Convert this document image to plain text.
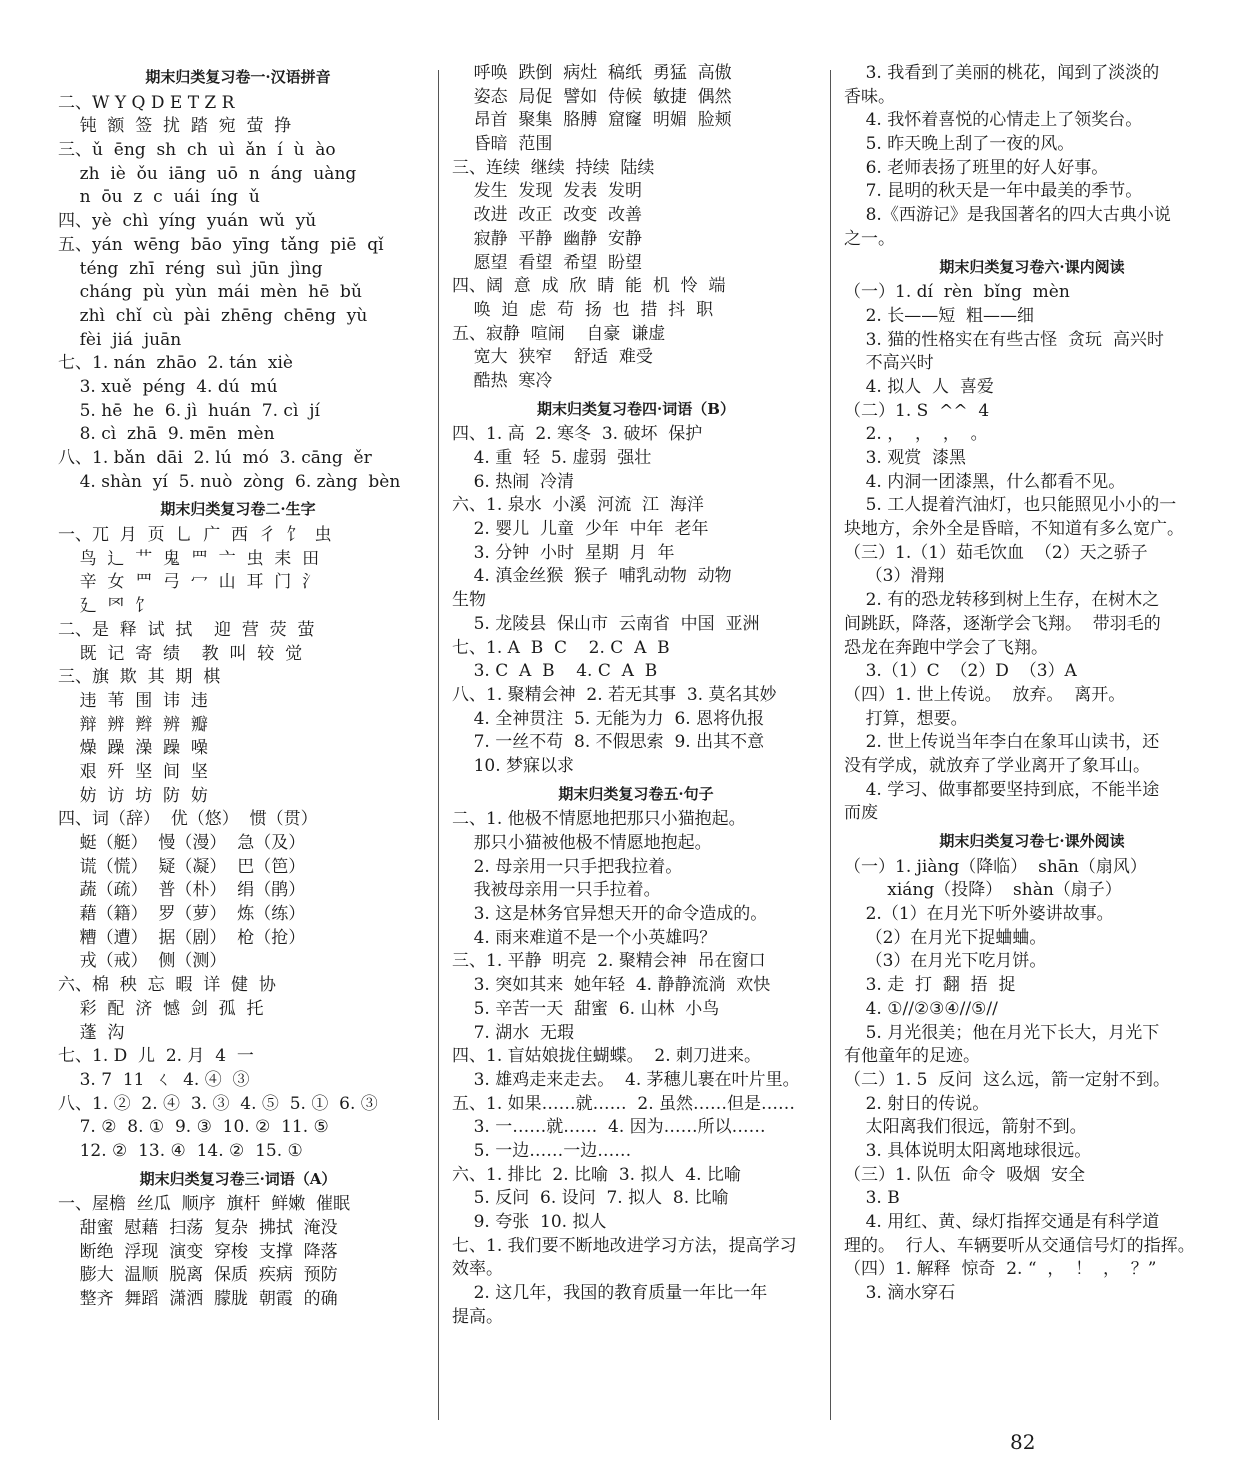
期末归类复习卷一·汉语拼音
二、W Y Q D E T Z R
钝  额  签  扰  踏  宛  萤  挣
三、ǔ  ēng  sh  ch  uì  ǎn  í  ù  ào
zh  iè  ǒu  iāng  uō  n  áng  uàng
n  ōu  z  c  uái  íng  ǔ
四、yè  chì  yíng  yuán  wǔ  yǔ
五、yán  wēng  bāo  yīng  tǎng  piē  qǐ
téng  zhī  réng  suì  jūn  jìng
cháng  pù  yùn  mái  mèn  hē  bǔ
zhì  chǐ  cù  pài  zhēng  chēng  yù
fèi  jiá  juān
七、1. nán  zhāo  2. tán  xiè
3. xuě  péng  4. dú  mú
5. hē  he  6. jì  huán  7. cì  jí
8. cì  zhā  9. mēn  mèn
八、1. bǎn  dāi  2. lú  mó  3. cāng  ěr
4. shàn  yí  5. nuò  zòng  6. zàng  bèn
期末归类复习卷二·生字
一、兀  月  页  乚  广  西  彳  饣  虫
鸟  辶  艹  鬼  罒  亠  虫  耒  田
辛  女  罒  弓  冖  山  耳  门  氵
廴  罓  饣
二、是  释  试  拭    迎  营  荧  萤
既  记  寄  绩    教  叫  较  觉
三、旗  欺  其  期  棋
违  苇  围  讳  违
辩  辨  辫  辨  瓣
燥  躁  澡  躁  噪
艰  歼  坚  间  坚
妨  访  坊  防  妨
四、词（辞）  优（悠）  惯（贯）
蜓（艇）  慢（漫）  急（及）
谎（慌）  疑（凝）  巴（笆）
蔬（疏）  普（朴）  绢（鹃）
藉（籍）  罗（萝）  炼（练）
糟（遭）  据（剧）  枪（抢）
戎（戒）  侧（测）
六、棉  秧  忘  暇  详  健  协
彩  配  济  憾  剑  孤  托
蓬  沟
七、1. D  儿  2. 月  4  一
3. 7  11  ㄑ  4. ④  ③
八、1. ②  2. ④  3. ③  4. ⑤  5. ①  6. ③
7. ②  8. ①  9. ③  10. ②  11. ⑤
12. ②  13. ④  14. ②  15. ①
期末归类复习卷三·词语（A）
一、屋檐  丝瓜  顺序  旗杆  鲜嫩  催眠
甜蜜  慰藉  扫荡  复杂  拂拭  淹没
断绝  浮现  演变  穿梭  支撑  降落
膨大  温顺  脱离  保质  疾病  预防
整齐  舞蹈  潇洒  朦胧  朝霞  的确
呼唤  跌倒  病灶  稿纸  勇猛  高傲
姿态  局促  譬如  侍候  敏捷  偶然
昂首  聚集  胳膊  窟窿  明媚  脸颊
昏暗  范围
三、连续  继续  持续  陆续
发生  发现  发表  发明
改进  改正  改变  改善
寂静  平静  幽静  安静
愿望  看望  希望  盼望
四、阔  意  成  欣  睛  能  机  怜  端
唤  迫  虑  苟  扬  也  措  抖  职
五、寂静  喧闹    自豪  谦虚
宽大  狭窄    舒适  难受
酷热  寒冷
期末归类复习卷四·词语（B）
四、1. 高  2. 寒冬  3. 破坏  保护
4. 重  轻  5. 虚弱  强壮
6. 热闹  冷清
六、1. 泉水  小溪  河流  江  海洋
2. 婴儿  儿童  少年  中年  老年
3. 分钟  小时  星期  月  年
4. 滇金丝猴  猴子  哺乳动物  动物
生物
5. 龙陵县  保山市  云南省  中国  亚洲
七、1. A  B  C    2. C  A  B
3. C  A  B    4. C  A  B
八、1. 聚精会神  2. 若无其事  3. 莫名其妙
4. 全神贯注  5. 无能为力  6. 恩将仇报
7. 一丝不苟  8. 不假思索  9. 出其不意
10. 梦寐以求
期末归类复习卷五·句子
二、1. 他极不情愿地把那只小猫抱起。
那只小猫被他极不情愿地抱起。
2. 母亲用一只手把我拉着。
我被母亲用一只手拉着。
3. 这是林务官异想天开的命令造成的。
4. 雨来难道不是一个小英雄吗？
三、1. 平静  明亮  2. 聚精会神  吊在窗口
3. 突如其来  她年轻  4. 静静流淌  欢快
5. 辛苦一天  甜蜜  6. 山林  小鸟
7. 湖水  无瑕
四、1. 盲姑娘拢住蝴蝶。  2. 刺刀进来。
3. 雄鸡走来走去。  4. 茅穗儿裹在叶片里。
五、1. 如果……就……  2. 虽然……但是……
3. 一……就……  4. 因为……所以……
5. 一边……一边……
六、1. 排比  2. 比喻  3. 拟人  4. 比喻
5. 反问  6. 设问  7. 拟人  8. 比喻
9. 夸张  10. 拟人
七、1. 我们要不断地改进学习方法，提高学习
效率。
2. 这几年，我国的教育质量一年比一年
提高。
3. 我看到了美丽的桃花，闻到了淡淡的
香味。
4. 我怀着喜悦的心情走上了领奖台。
5. 昨天晚上刮了一夜的风。
6. 老师表扬了班里的好人好事。
7. 昆明的秋天是一年中最美的季节。
8.《西游记》是我国著名的四大古典小说
之一。
期末归类复习卷六·课内阅读
（一）1. dí  rèn  bǐng  mèn
2. 长——短  粗——细
3. 猫的性格实在有些古怪  贪玩  高兴时
不高兴时
4. 拟人  人  喜爱
（二）1. S  ^^  4
2. ，  ，  ，  。
3. 观赏  漆黑
4. 内洞一团漆黑，什么都看不见。
5. 工人提着汽油灯，也只能照见小小的一
块地方，余外全是昏暗，不知道有多么宽广。
（三）1.（1）茹毛饮血  （2）天之骄子
（3）滑翔
2. 有的恐龙转移到树上生存，在树木之
间跳跃，降落，逐渐学会飞翔。  带羽毛的
恐龙在奔跑中学会了飞翔。
3.（1）C  （2）D  （3）A
（四）1. 世上传说。  放弃。  离开。
打算，想要。
2. 世上传说当年李白在象耳山读书，还
没有学成，就放弃了学业离开了象耳山。
4. 学习、做事都要坚持到底，不能半途
而废
期末归类复习卷七·课外阅读
（一）1. jiàng（降临）  shān（扇风）
xiáng（投降）  shàn（扇子）
2.（1）在月光下听外婆讲故事。
（2）在月光下捉蛐蛐。
（3）在月光下吃月饼。
3. 走  打  翻  捂  捉
4. ①//②③④//⑤//
5. 月光很美；他在月光下长大，月光下
有他童年的足迹。
（二）1. 5  反问  这么远，箭一定射不到。
2. 射日的传说。
太阳离我们很远，箭射不到。
3. 具体说明太阳离地球很远。
（三）1. 队伍  命令  吸烟  安全
3. B
4. 用红、黄、绿灯指挥交通是有科学道
理的。  行人、车辆要听从交通信号灯的指挥。
（四）1. 解释  惊奇  2. “  ，  ！  ，  ？”
3. 滴水穿石
82
